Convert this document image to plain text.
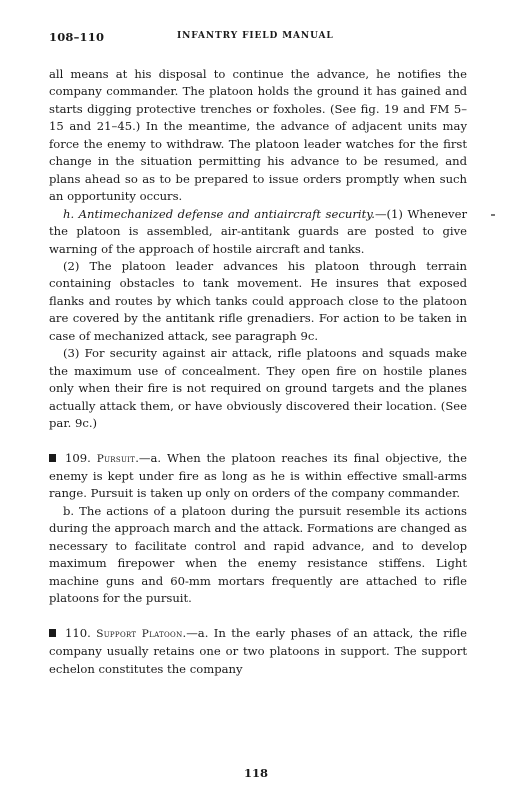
108–110	INFANTRY FIELD MANUAL

all means at his disposal to continue the advance, he notifies the company commander. The platoon holds the ground it has gained and starts digging protective trenches or foxholes. (See fig. 19 and FM 5–15 and 21–45.) In the meantime, the advance of adjacent units may force the enemy to withdraw. The platoon leader watches for the first change in the situation permitting his advance to be resumed, and plans ahead so as to be prepared to issue orders promptly when such an opportunity occurs.

h. Antimechanized defense and antiaircraft security.—(1) Whenever the platoon is assembled, air-antitank guards are posted to give warning of the approach of hostile aircraft and tanks.

(2) The platoon leader advances his platoon through terrain containing obstacles to tank movement. He insures that exposed flanks and routes by which tanks could approach close to the platoon are covered by the antitank rifle grenadiers. For action to be taken in case of mechanized attack, see paragraph 9c.

(3) For security against air attack, rifle platoons and squads make the maximum use of concealment. They open fire on hostile planes only when their fire is not required on ground targets and the planes actually attack them, or have obviously discovered their location. (See par. 9c.)

109. Pursuit.—a. When the platoon reaches its final objective, the enemy is kept under fire as long as he is within effective small-arms range. Pursuit is taken up only on orders of the company commander.

b. The actions of a platoon during the pursuit resemble its actions during the approach march and the attack. Formations are changed as necessary to facilitate control and rapid advance, and to develop maximum firepower when the enemy resistance stiffens. Light machine guns and 60-mm mortars frequently are attached to rifle platoons for the pursuit.

110. Support Platoon.—a. In the early phases of an attack, the rifle company usually retains one or two platoons in support. The support echelon constitutes the company

118
